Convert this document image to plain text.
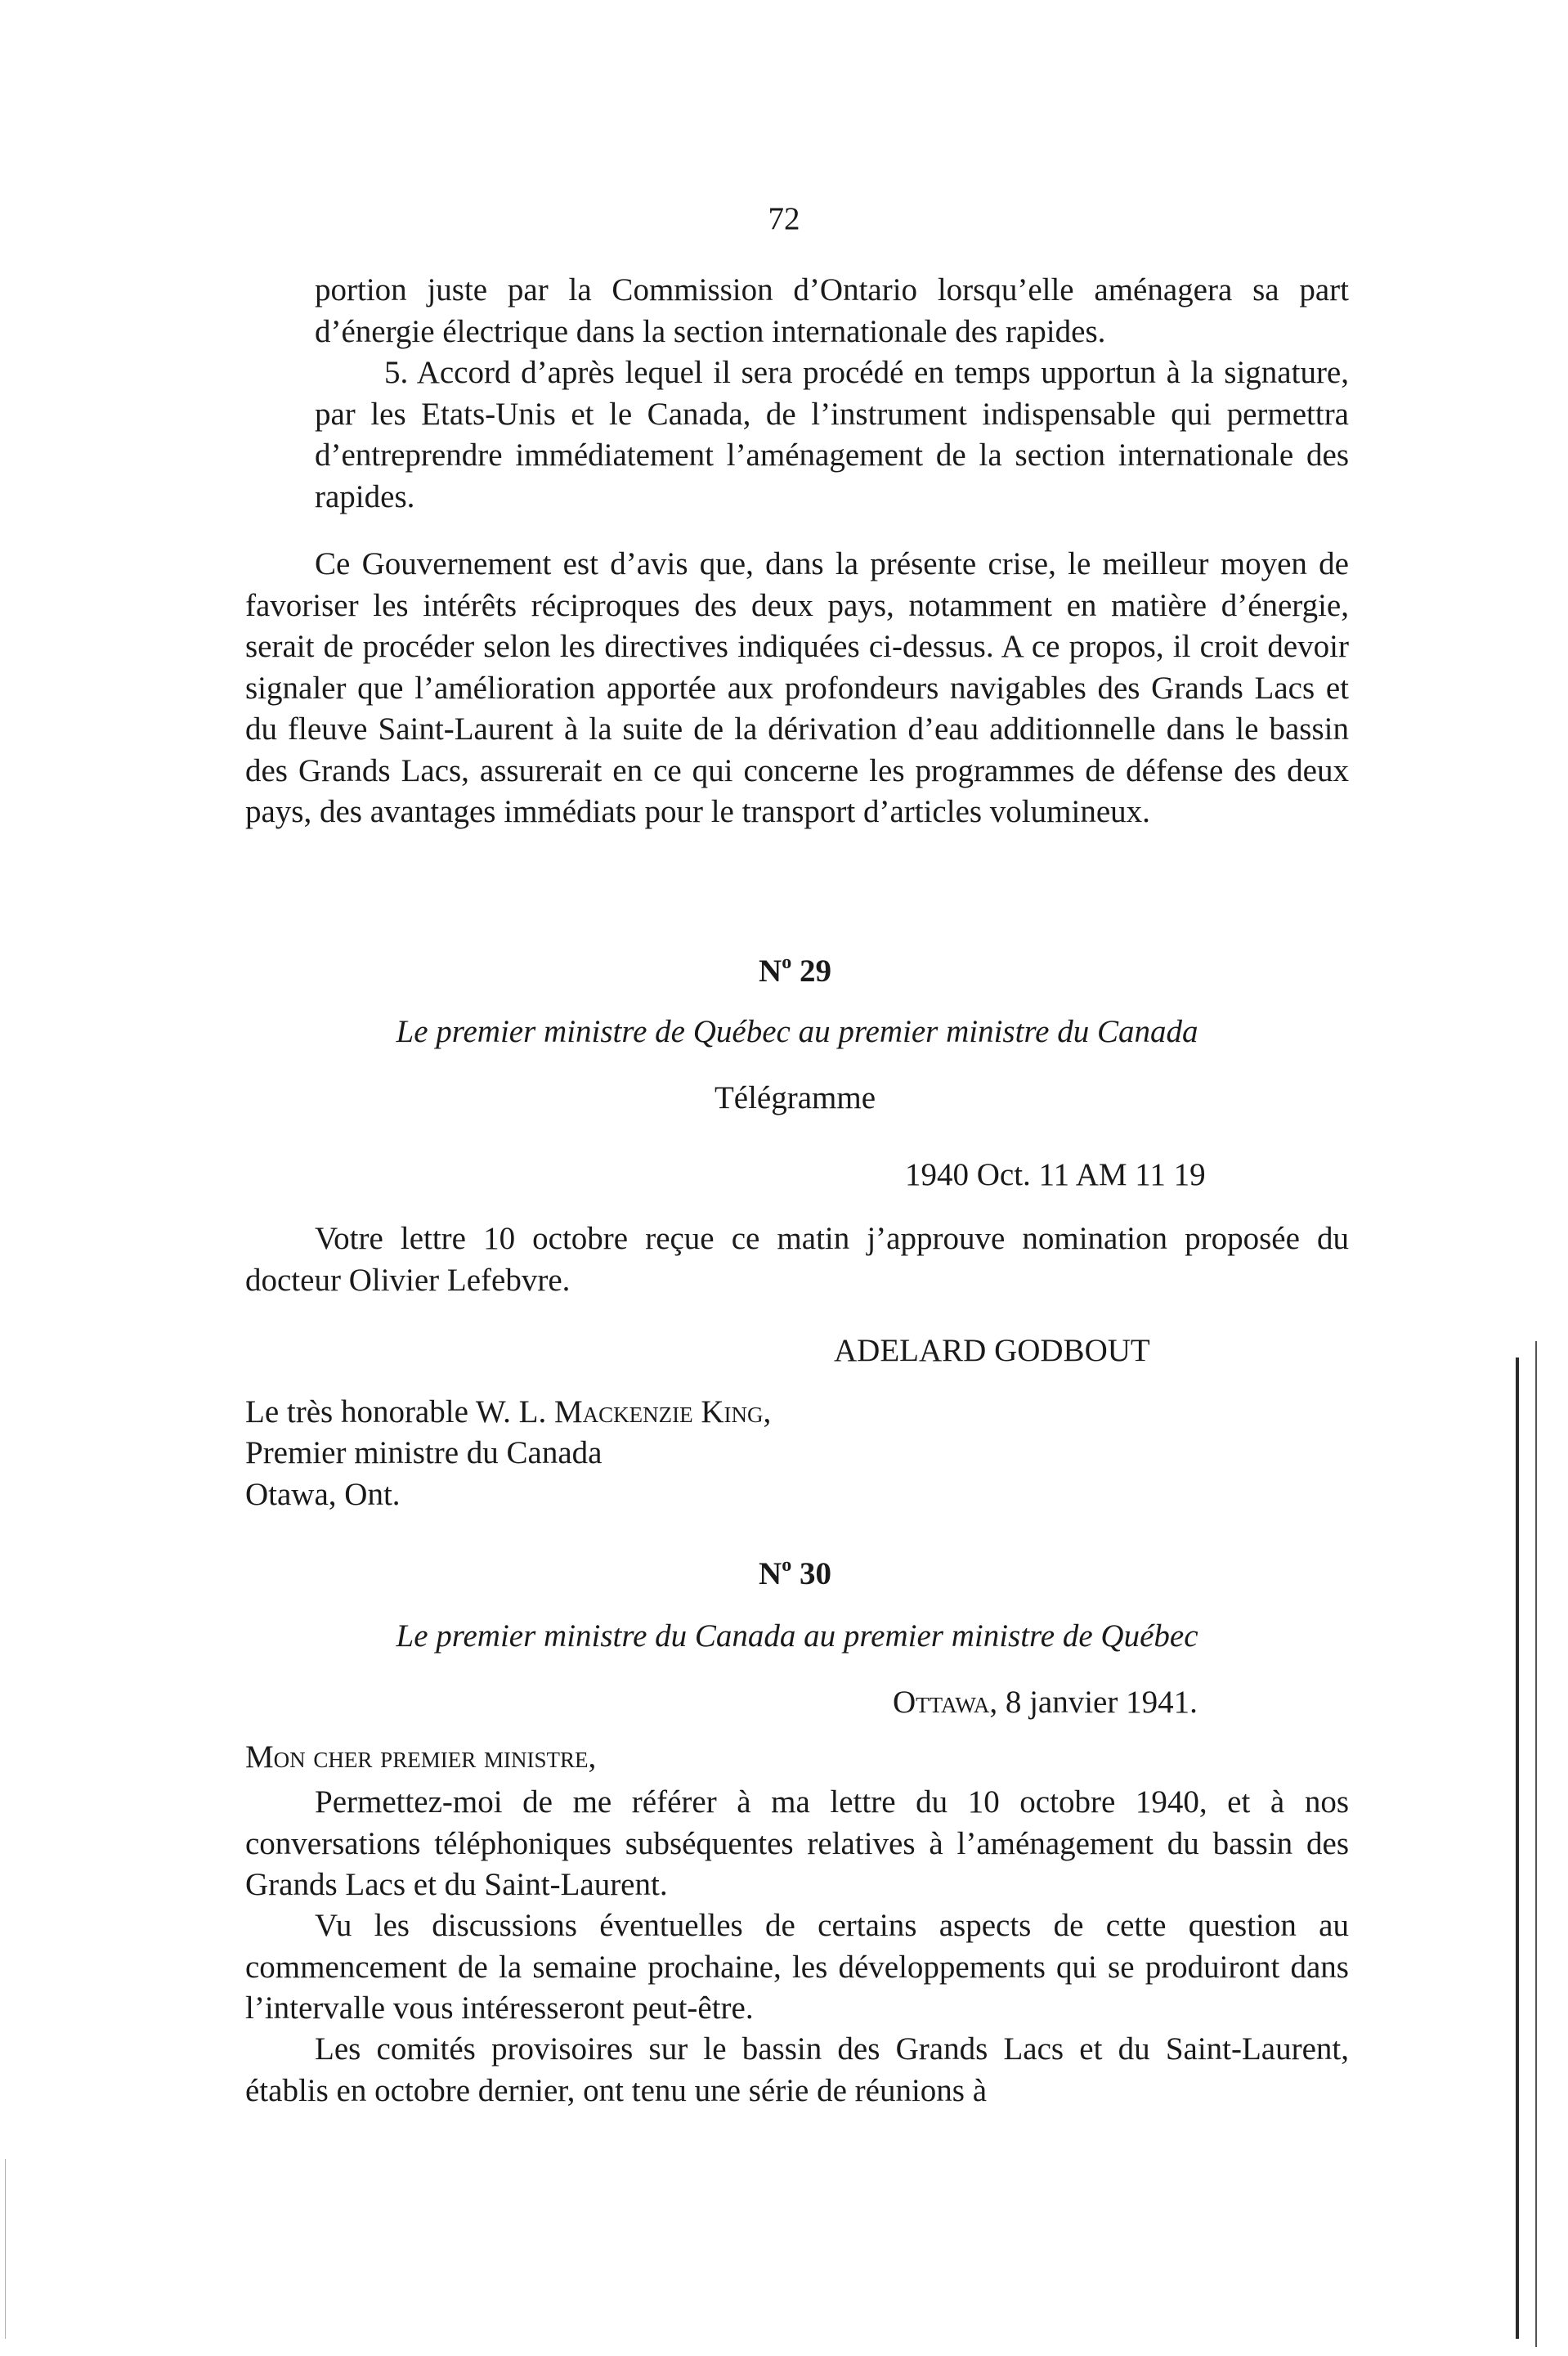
72
portion juste par la Commission d’Ontario lorsqu’elle aménagera sa part d’énergie électrique dans la section internationale des rapides.
5. Accord d’après lequel il sera procédé en temps upportun à la signature, par les Etats-Unis et le Canada, de l’instrument indispensable qui permettra d’entreprendre immédiatement l’aménagement de la section internationale des rapides.
Ce Gouvernement est d’avis que, dans la présente crise, le meilleur moyen de favoriser les intérêts réciproques des deux pays, notamment en matière d’énergie, serait de procéder selon les directives indiquées ci-dessus. A ce propos, il croit devoir signaler que l’amélioration apportée aux profondeurs navigables des Grands Lacs et du fleuve Saint-Laurent à la suite de la dérivation d’eau additionnelle dans le bassin des Grands Lacs, assurerait en ce qui concerne les programmes de défense des deux pays, des avantages immédiats pour le transport d’articles volumineux.
$N^o$ 29
Le premier ministre de Québec au premier ministre du Canada
Télégramme
1940 Oct. 11 AM 11 19
Votre lettre 10 octobre reçue ce matin j’approuve nomination proposée du docteur Olivier Lefebvre.
ADELARD GODBOUT
Le très honorable W. L. Mackenzie King,
Premier ministre du Canada
Otawa, Ont.
$N^o$ 30
Le premier ministre du Canada au premier ministre de Québec
Ottawa, 8 janvier 1941.
Mon cher premier ministre,
Permettez-moi de me référer à ma lettre du 10 octobre 1940, et à nos conversations téléphoniques subséquentes relatives à l’aménagement du bassin des Grands Lacs et du Saint-Laurent.
Vu les discussions éventuelles de certains aspects de cette question au commencement de la semaine prochaine, les développements qui se produiront dans l’intervalle vous intéresseront peut-être.
Les comités provisoires sur le bassin des Grands Lacs et du Saint-Laurent, établis en octobre dernier, ont tenu une série de réunions à
